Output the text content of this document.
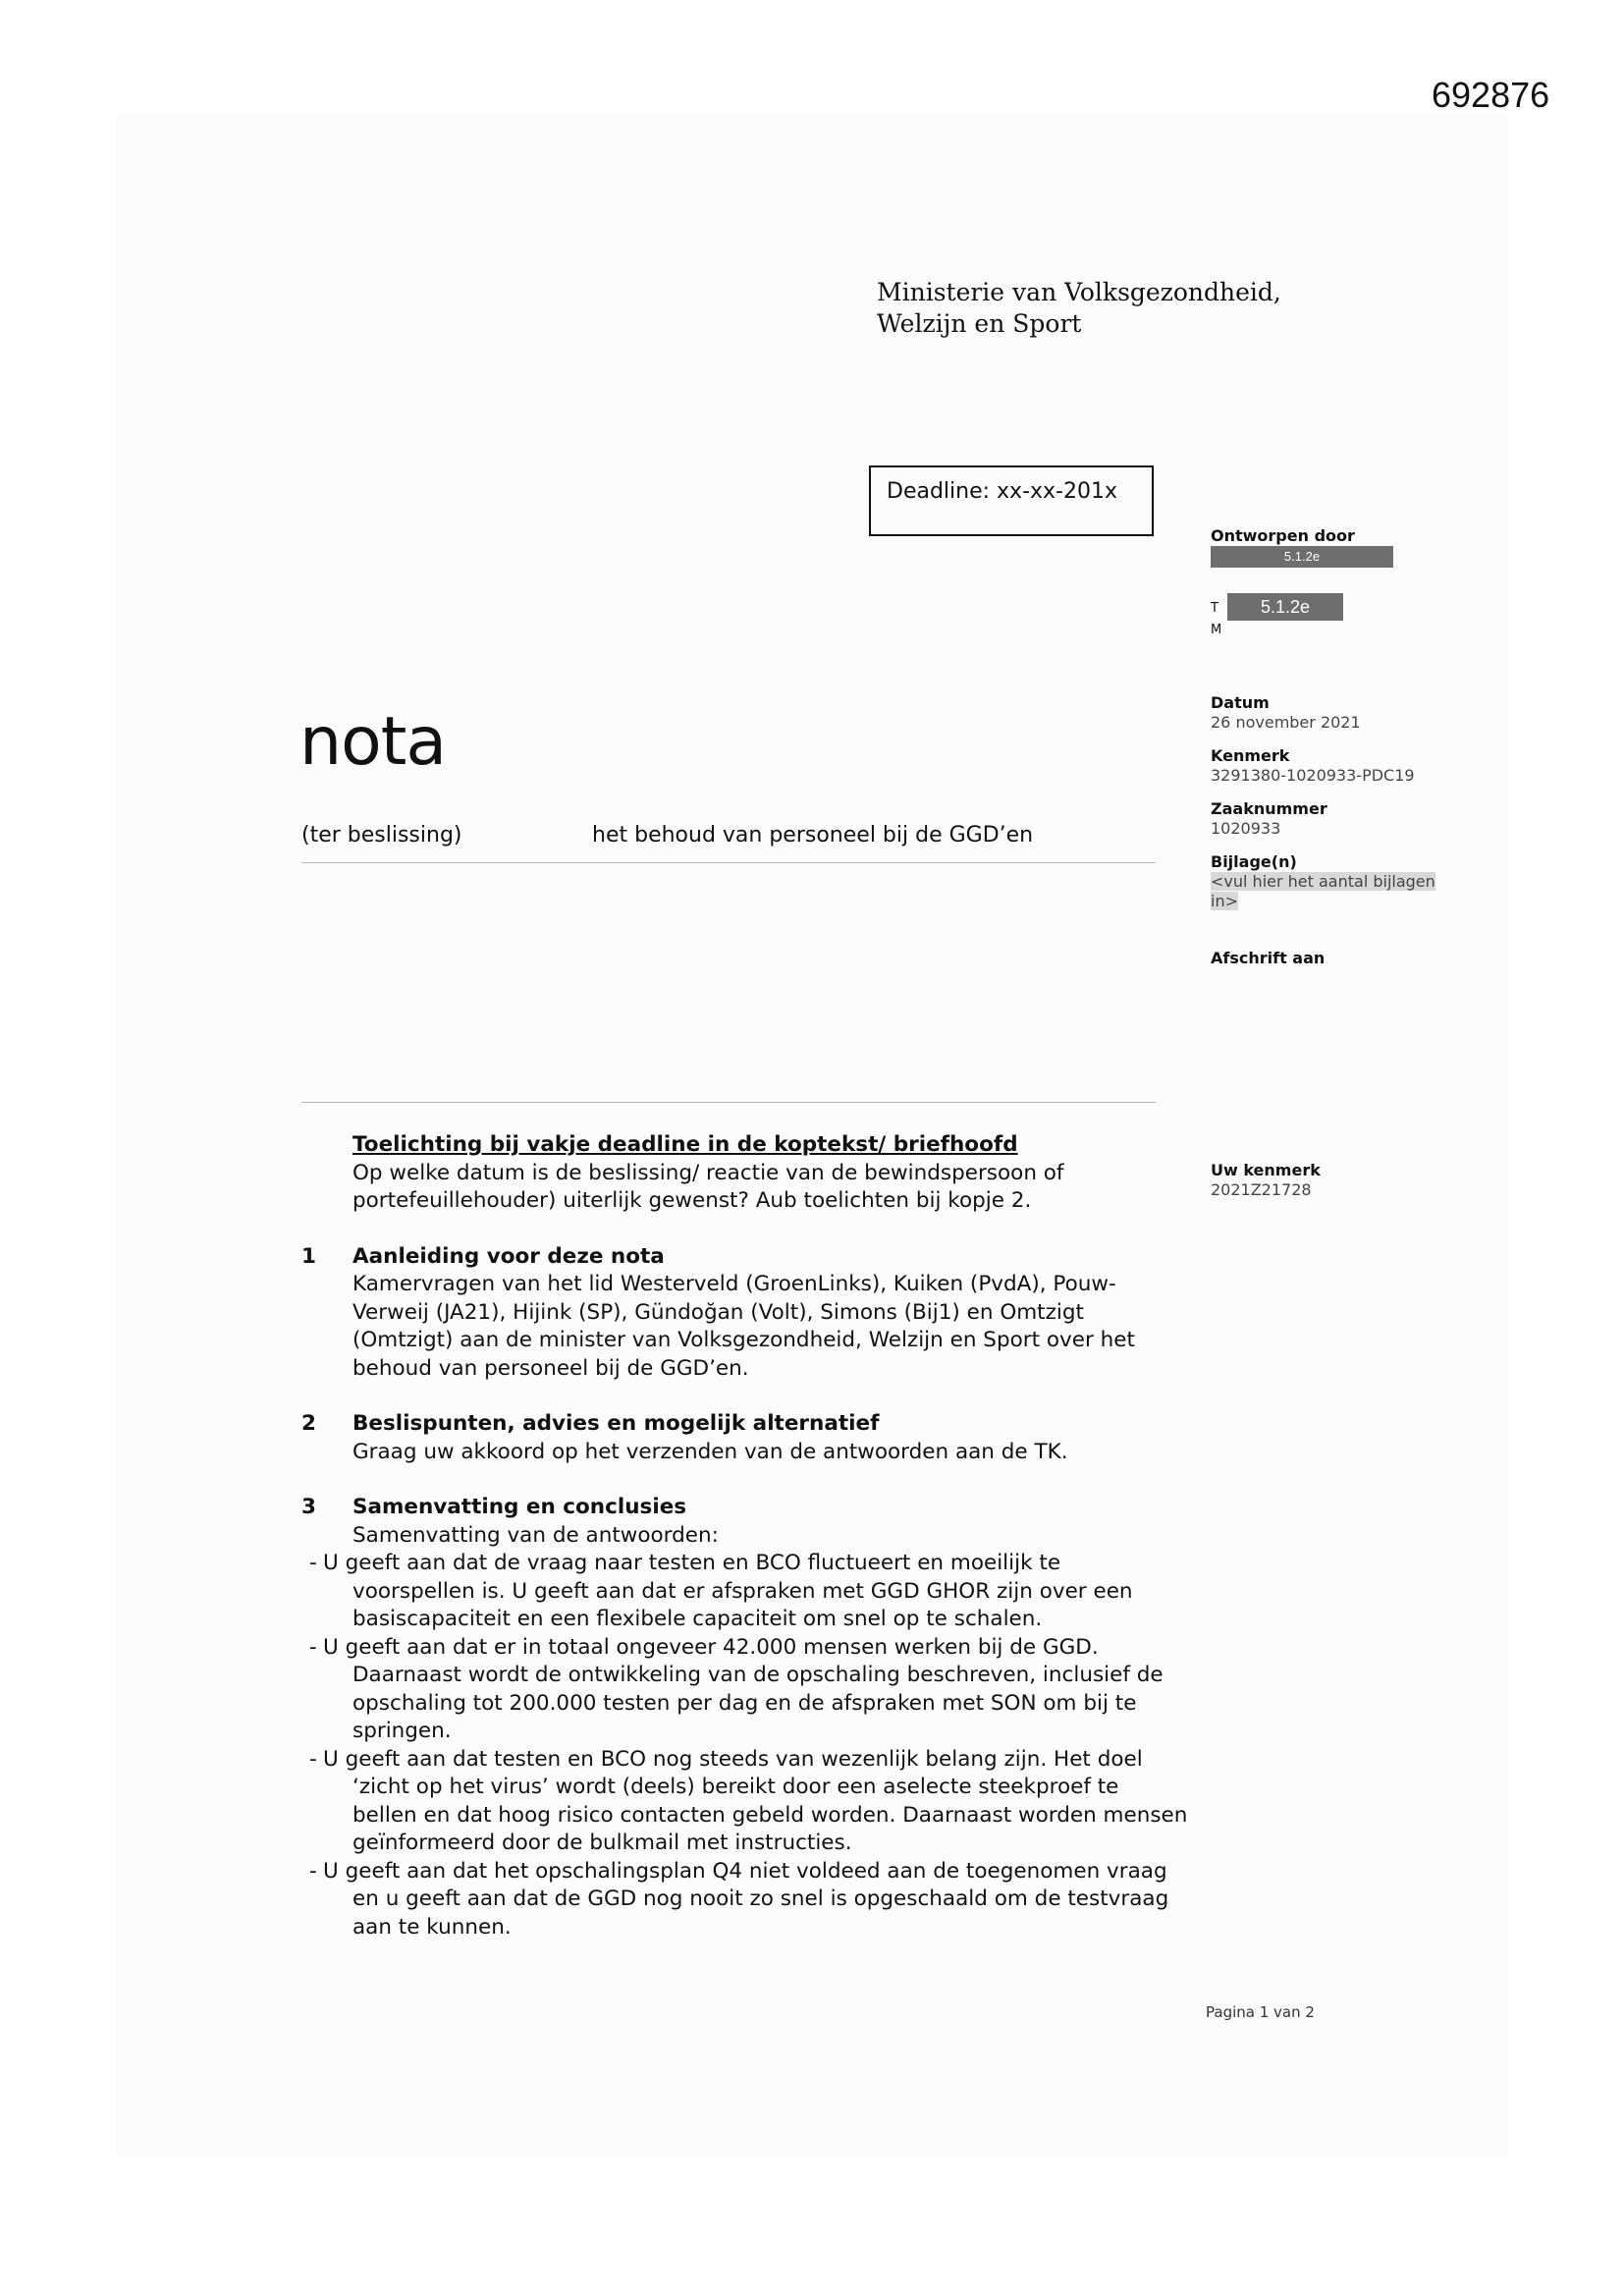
692876
Ministerie van Volksgezondheid,
Welzijn en Sport
Deadline: xx-xx-201x
Ontworpen door
5.1.2e
T	5.1.2e
M
Datum
26 november 2021
Kenmerk
3291380-1020933-PDC19
Zaaknummer
1020933
Bijlage(n)
<vul hier het aantal bijlagen
in>
Afschrift aan
Uw kenmerk
2021Z21728
nota
(ter beslissing)	het behoud van personeel bij de GGD’en
Toelichting bij vakje deadline in de koptekst/ briefhoofd
Op welke datum is de beslissing/ reactie van de bewindspersoon of portefeuillehouder) uiterlijk gewenst? Aub toelichten bij kopje 2.
1 Aanleiding voor deze nota
Kamervragen van het lid Westerveld (GroenLinks), Kuiken (PvdA), Pouw-Verweij (JA21), Hijink (SP), Gündoğan (Volt), Simons (Bij1) en Omtzigt (Omtzigt) aan de minister van Volksgezondheid, Welzijn en Sport over het behoud van personeel bij de GGD’en.
2 Beslispunten, advies en mogelijk alternatief
Graag uw akkoord op het verzenden van de antwoorden aan de TK.
3 Samenvatting en conclusies
Samenvatting van de antwoorden:
- U geeft aan dat de vraag naar testen en BCO fluctueert en moeilijk te
voorspellen is. U geeft aan dat er afspraken met GGD GHOR zijn over een
basiscapaciteit en een flexibele capaciteit om snel op te schalen.
- U geeft aan dat er in totaal ongeveer 42.000 mensen werken bij de GGD.
Daarnaast wordt de ontwikkeling van de opschaling beschreven, inclusief de
opschaling tot 200.000 testen per dag en de afspraken met SON om bij te
springen.
- U geeft aan dat testen en BCO nog steeds van wezenlijk belang zijn. Het doel
‘zicht op het virus’ wordt (deels) bereikt door een aselecte steekproef te
bellen en dat hoog risico contacten gebeld worden. Daarnaast worden mensen
geïnformeerd door de bulkmail met instructies.
- U geeft aan dat het opschalingsplan Q4 niet voldeed aan de toegenomen vraag
en u geeft aan dat de GGD nog nooit zo snel is opgeschaald om de testvraag
aan te kunnen.
Pagina 1 van 2
